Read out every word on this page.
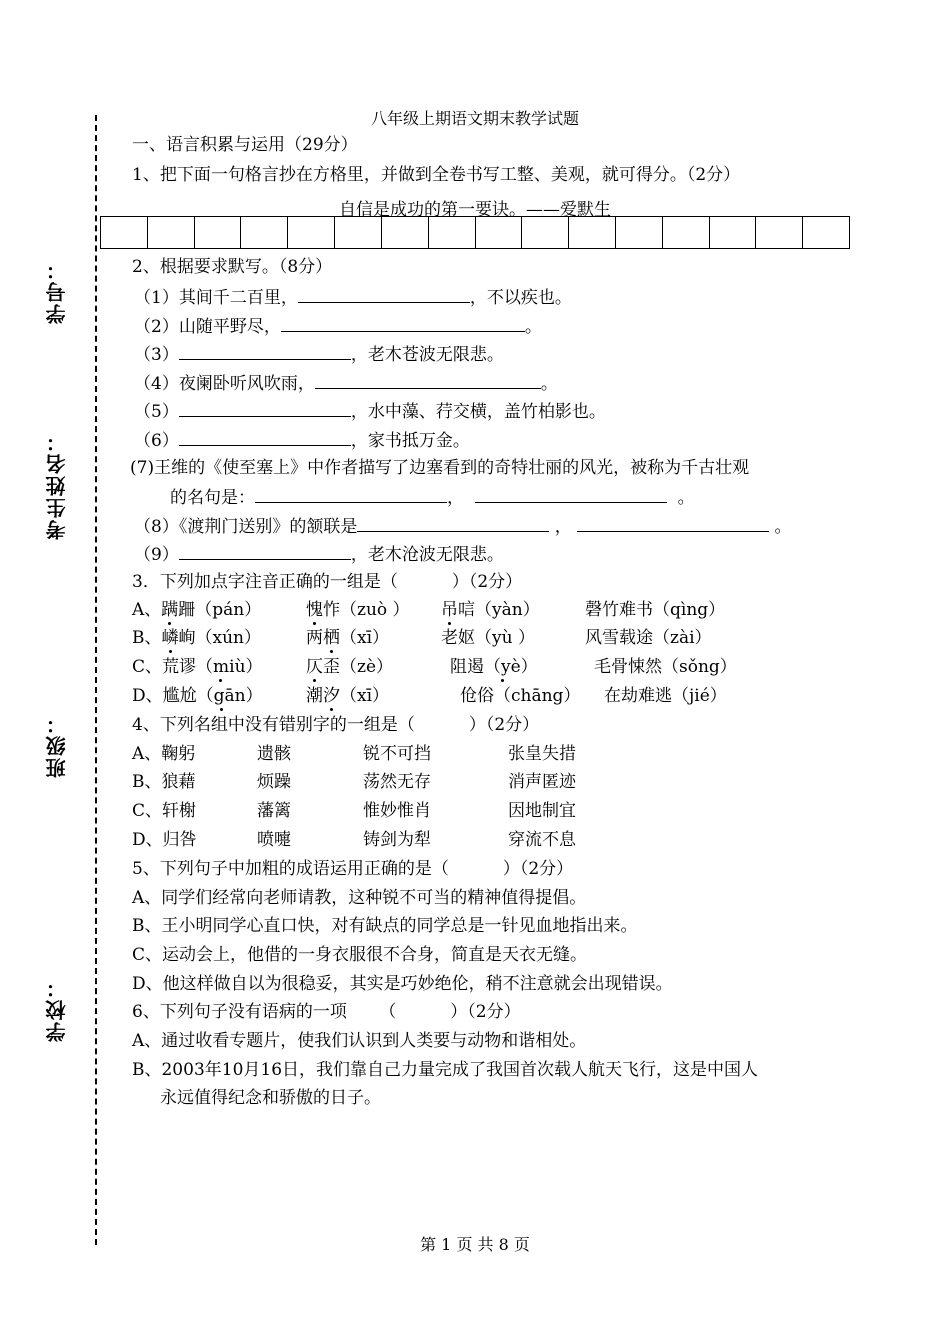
学号：
考生姓名：
班级：
学校：
八年级上期语文期末教学试题
一、语言积累与运用（29分）
1、把下面一句格言抄在方格里，并做到全卷书写工整、美观，就可得分。（2分）
自信是成功的第一要诀。——爱默生
2、根据要求默写。（8分）
（1）其间千二百里，	，不以疾也。
（2）山随平野尽，	。
（3）	，老木苍波无限悲。
（4）夜阑卧听风吹雨，	。
（5）	，水中藻、荇交横，盖竹柏影也。
（6）	，家书抵万金。
(7)王维的《使至塞上》中作者描写了边塞看到的奇特壮丽的风光，被称为千古壮观
的名句是：	，	。
（8）《渡荆门送别》的颔联是	，	。
（9）	，老木沧波无限悲。
3．下列加点字注音正确的一组是（          ）（2分）
A、蹒跚（pán）	愧怍（zuò ） 吊唁（yàn）	磬竹难书（qìng）
B、嶙峋（xún）	两栖（xī）	老妪（yù ）	风雪载途（zài）
C、荒谬（miù）	仄歪（zè）	阻遏（yè）	毛骨悚然（sǒng）
D、尴尬（gān）	潮汐（xī）	伧俗（chāng） 在劫难逃（jié）
4、下列名组中没有错别字的一组是（          ）（2分）
A、鞠躬	遗骸	锐不可挡	张皇失措
B、狼藉	烦躁	荡然无存	消声匿迹
C、轩榭	藩篱	惟妙惟肖	因地制宜
D、归咎	喷嚏	铸剑为犁	穿流不息
5、下列句子中加粗的成语运用正确的是（          ）（2分）
A、同学们经常向老师请教，这种锐不可当的精神值得提倡。
B、王小明同学心直口快，对有缺点的同学总是一针见血地指出来。
C、运动会上，他借的一身衣服很不合身，简直是天衣无缝。
D、他这样做自以为很稳妥，其实是巧妙绝伦，稍不注意就会出现错误。
6、下列句子没有语病的一项      （          ）（2分）
A、通过收看专题片，使我们认识到人类要与动物和谐相处。
B、2003年10月16日，我们靠自己力量完成了我国首次载人航天飞行，这是中国人
永远值得纪念和骄傲的日子。
第 1 页 共 8 页
